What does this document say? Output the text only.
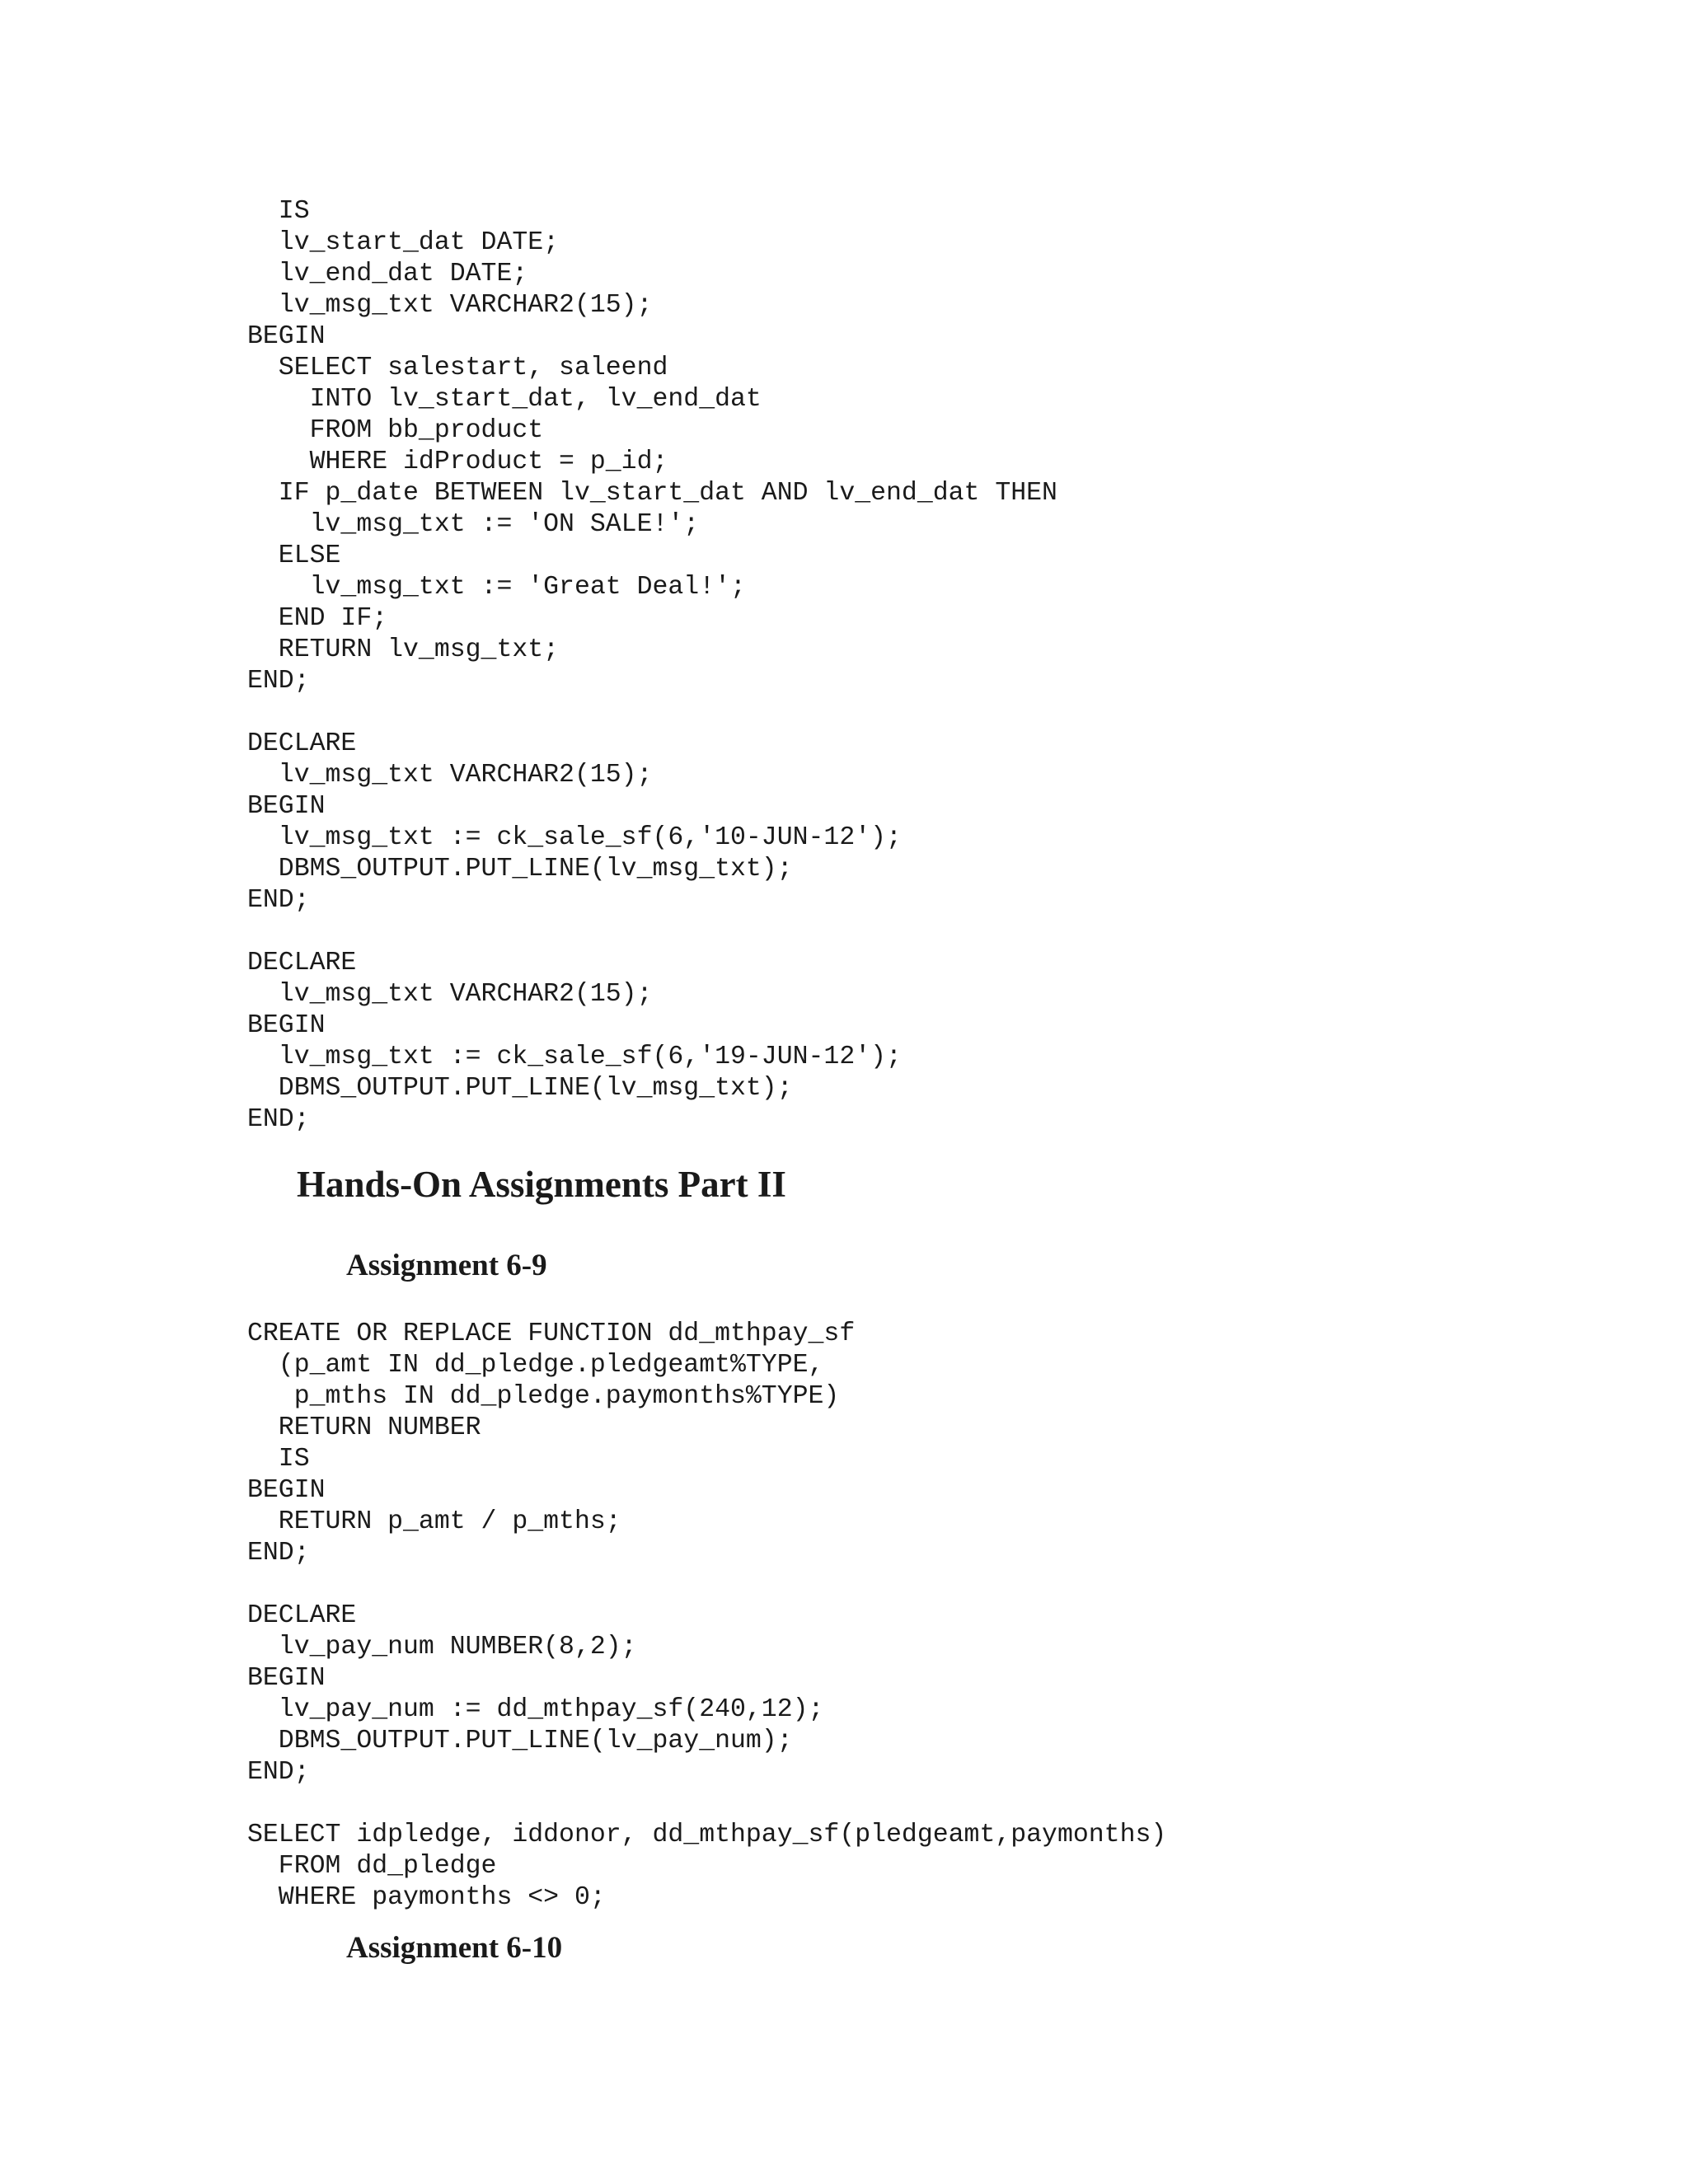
IS
lv_start_dat DATE;
lv_end_dat DATE;
lv_msg_txt VARCHAR2(15);
BEGIN
SELECT salestart, saleend
INTO lv_start_dat, lv_end_dat
FROM bb_product
WHERE idProduct = p_id;
IF p_date BETWEEN lv_start_dat AND lv_end_dat THEN
lv_msg_txt := 'ON SALE!';
ELSE
lv_msg_txt := 'Great Deal!';
END IF;
RETURN lv_msg_txt;
END;

DECLARE
lv_msg_txt VARCHAR2(15);
BEGIN
lv_msg_txt := ck_sale_sf(6,'10-JUN-12');
DBMS_OUTPUT.PUT_LINE(lv_msg_txt);
END;

DECLARE
lv_msg_txt VARCHAR2(15);
BEGIN
lv_msg_txt := ck_sale_sf(6,'19-JUN-12');
DBMS_OUTPUT.PUT_LINE(lv_msg_txt);
END;
Hands-On Assignments Part II
Assignment 6-9
CREATE OR REPLACE FUNCTION dd_mthpay_sf
(p_amt IN dd_pledge.pledgeamt%TYPE,
p_mths IN dd_pledge.paymonths%TYPE)
RETURN NUMBER
IS
BEGIN
RETURN p_amt / p_mths;
END;

DECLARE
lv_pay_num NUMBER(8,2);
BEGIN
lv_pay_num := dd_mthpay_sf(240,12);
DBMS_OUTPUT.PUT_LINE(lv_pay_num);
END;

SELECT idpledge, iddonor, dd_mthpay_sf(pledgeamt,paymonths)
FROM dd_pledge
WHERE paymonths <> 0;
Assignment 6-10
